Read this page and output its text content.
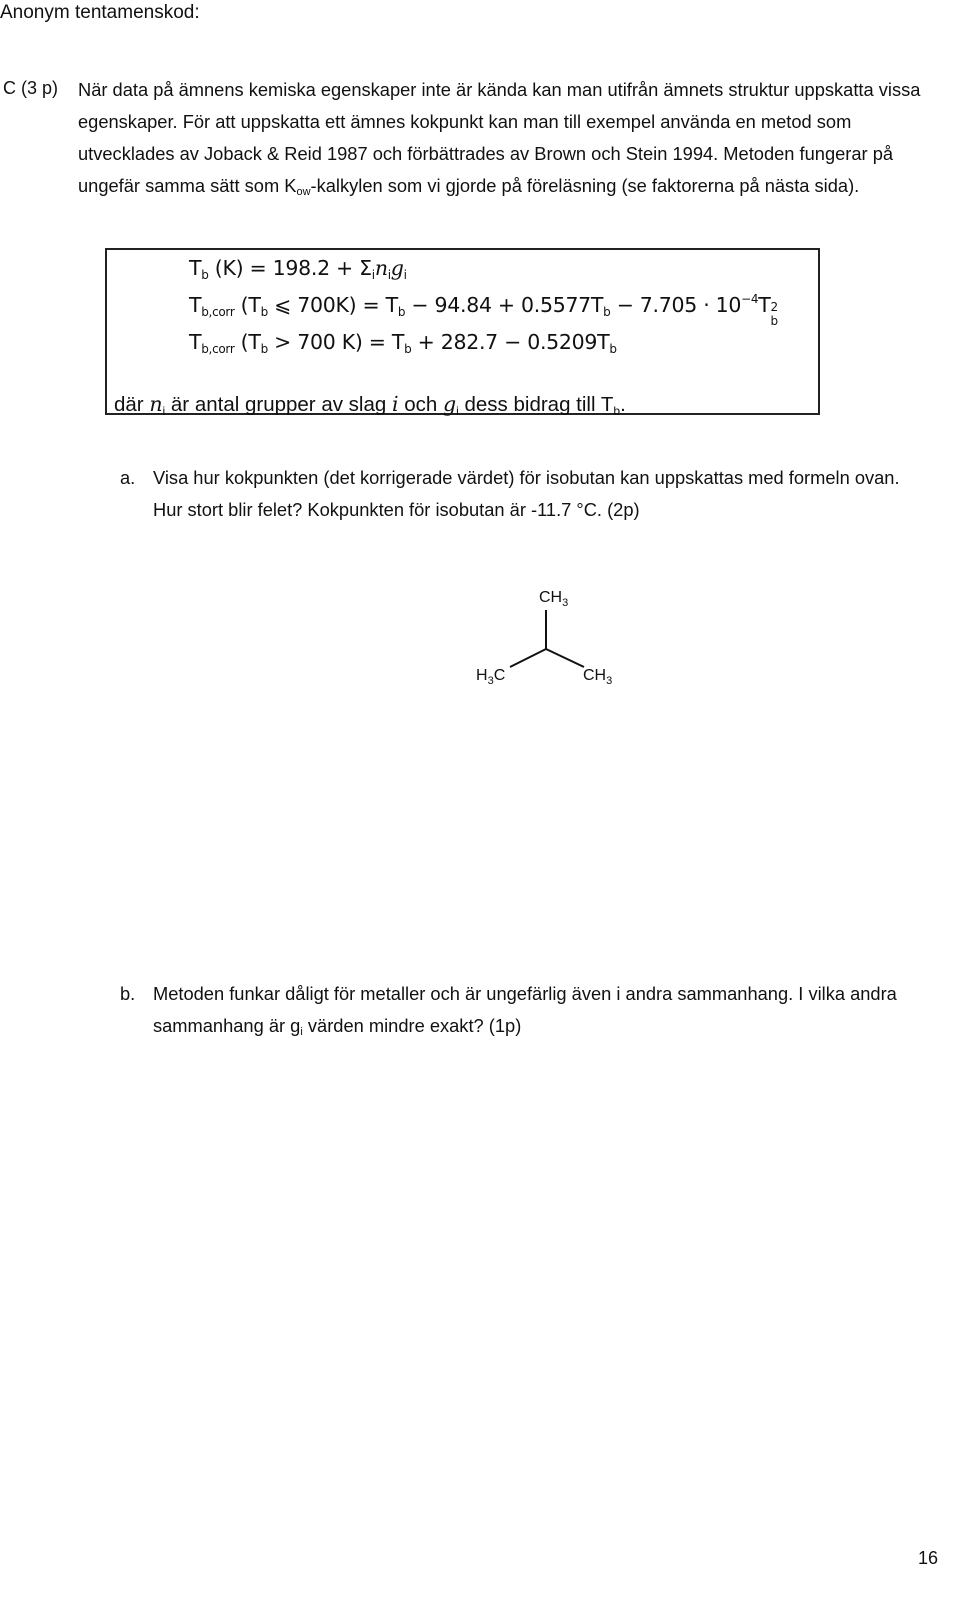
Anonym tentamenskod:
C (3 p) När data på ämnens kemiska egenskaper inte är kända kan man utifrån ämnets struktur uppskatta vissa egenskaper. För att uppskatta ett ämnes kokpunkt kan man till exempel använda en metod som utvecklades av Joback & Reid 1987 och förbättrades av Brown och Stein 1994. Metoden fungerar på ungefär samma sätt som $K_{ow}$-kalkylen som vi gjorde på föreläsning (se faktorerna på nästa sida).
$T_b$ $(K) = 198.2 + \Sigma_in_ig_i$
$T_{b,corr}$ ($T_b$ ⩽ $700K) = T_b - 94.84 + 0.5577T_b - 7.705 \cdot 10^{-4}T$ 2
b
$T_{b,corr}$ ($T_b > 700$ $K) = T_b + 282.7 - 0.5209T_b$
där $n_i$ är antal grupper av slag i och $g_i$ dess bidrag till $T_b$.
a. Visa hur kokpunkten (det korrigerade värdet) för isobutan kan uppskattas med formeln ovan. Hur stort blir felet? Kokpunkten för isobutan är -11.7 °C. (2p)
$CH_3$
$H_3C$	$CH_3$
b. Metoden funkar dåligt för metaller och är ungefärlig även i andra sammanhang. I vilka andra sammanhang är $g_i$ värden mindre exakt? (1p)
16
